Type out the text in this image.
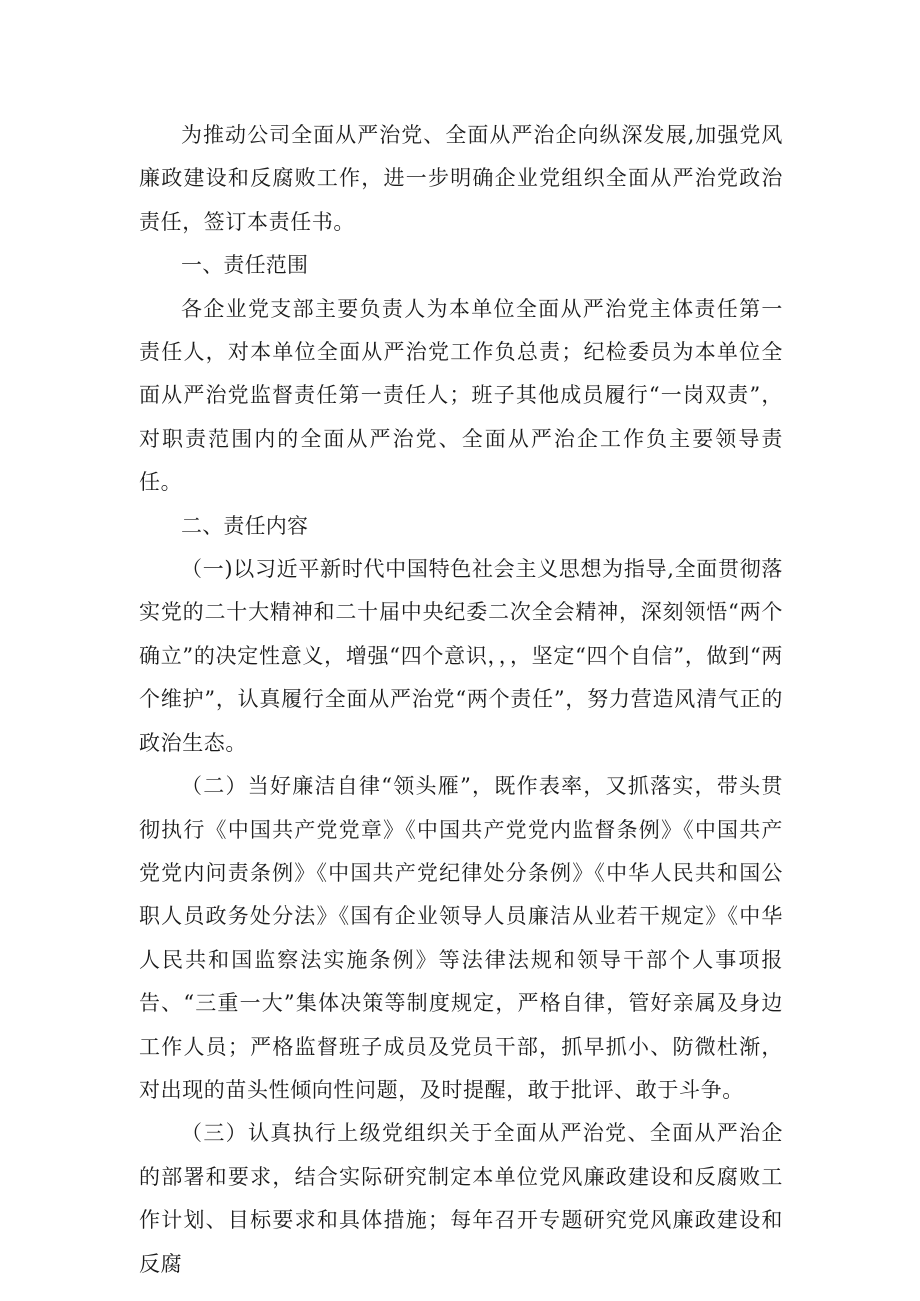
为推动公司全面从严治党、全面从严治企向纵深发展,加强党风廉政建设和反腐败工作，进一步明确企业党组织全面从严治党政治责任，签订本责任书。

一、责任范围

各企业党支部主要负责人为本单位全面从严治党主体责任第一责任人，对本单位全面从严治党工作负总责；纪检委员为本单位全面从严治党监督责任第一责任人；班子其他成员履行“一岗双责”，对职责范围内的全面从严治党、全面从严治企工作负主要领导责任。

二、责任内容

（一)以习近平新时代中国特色社会主义思想为指导,全面贯彻落实党的二十大精神和二十届中央纪委二次全会精神，深刻领悟“两个确立”的决定性意义，增强“四个意识，，，坚定“四个自信”，做到“两个维护”，认真履行全面从严治党“两个责任”，努力营造风清气正的政治生态。

（二）当好廉洁自律“领头雁”，既作表率，又抓落实，带头贯彻执行《中国共产党党章》《中国共产党党内监督条例》《中国共产党党内问责条例》《中国共产党纪律处分条例》《中华人民共和国公职人员政务处分法》《国有企业领导人员廉洁从业若干规定》《中华人民共和国监察法实施条例》等法律法规和领导干部个人事项报告、“三重一大”集体决策等制度规定，严格自律，管好亲属及身边工作人员；严格监督班子成员及党员干部，抓早抓小、防微杜渐，对出现的苗头性倾向性问题，及时提醒，敢于批评、敢于斗争。

（三）认真执行上级党组织关于全面从严治党、全面从严治企的部署和要求，结合实际研究制定本单位党风廉政建设和反腐败工作计划、目标要求和具体措施；每年召开专题研究党风廉政建设和反腐
